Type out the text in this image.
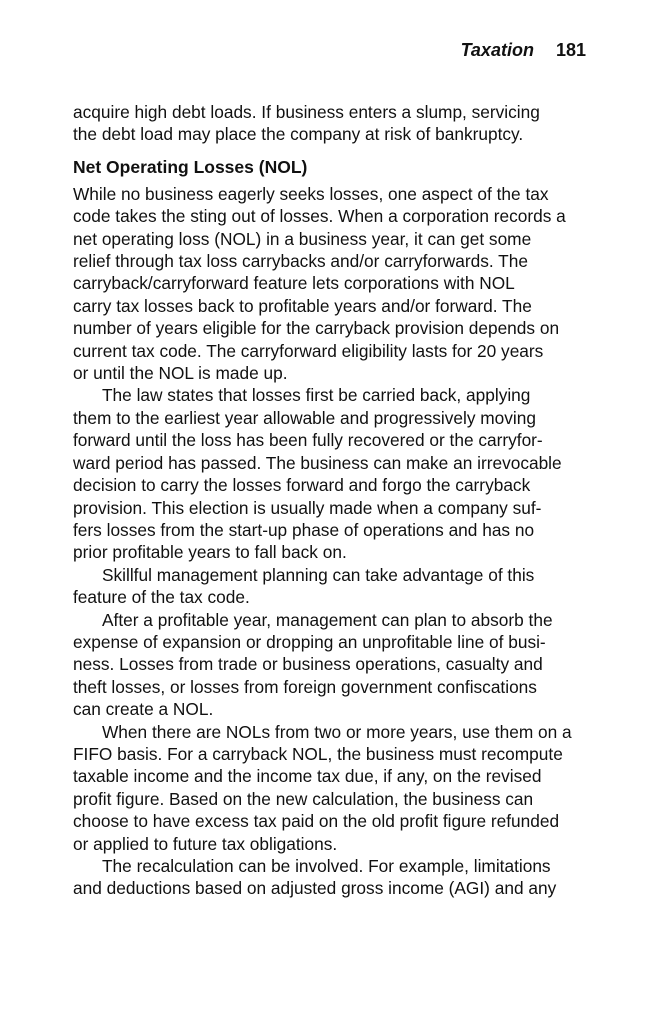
Taxation 181
acquire high debt loads. If business enters a slump, servicing
the debt load may place the company at risk of bankruptcy.
Net Operating Losses (NOL)
While no business eagerly seeks losses, one aspect of the tax
code takes the sting out of losses. When a corporation records a
net operating loss (NOL) in a business year, it can get some
relief through tax loss carrybacks and/or carryforwards. The
carryback/carryforward feature lets corporations with NOL
carry tax losses back to profitable years and/or forward. The
number of years eligible for the carryback provision depends on
current tax code. The carryforward eligibility lasts for 20 years
or until the NOL is made up.
The law states that losses first be carried back, applying
them to the earliest year allowable and progressively moving
forward until the loss has been fully recovered or the carryfor-
ward period has passed. The business can make an irrevocable
decision to carry the losses forward and forgo the carryback
provision. This election is usually made when a company suf-
fers losses from the start-up phase of operations and has no
prior profitable years to fall back on.
Skillful management planning can take advantage of this
feature of the tax code.
After a profitable year, management can plan to absorb the
expense of expansion or dropping an unprofitable line of busi-
ness. Losses from trade or business operations, casualty and
theft losses, or losses from foreign government confiscations
can create a NOL.
When there are NOLs from two or more years, use them on a
FIFO basis. For a carryback NOL, the business must recompute
taxable income and the income tax due, if any, on the revised
profit figure. Based on the new calculation, the business can
choose to have excess tax paid on the old profit figure refunded
or applied to future tax obligations.
The recalculation can be involved. For example, limitations
and deductions based on adjusted gross income (AGI) and any
